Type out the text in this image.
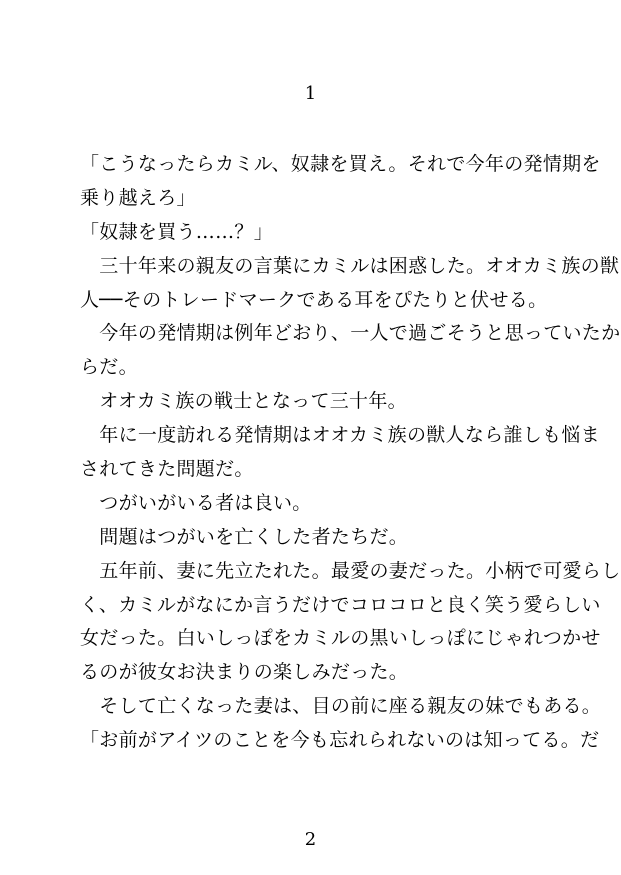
1
「こうなったらカミル、奴隷を買え。それで今年の発情期を
乗り越えろ」
「奴隷を買う……？」
　三十年来の親友の言葉にカミルは困惑した。オオカミ族の獣
人──そのトレードマークである耳をぴたりと伏せる。
　今年の発情期は例年どおり、一人で過ごそうと思っていたか
らだ。
　オオカミ族の戦士となって三十年。
　年に一度訪れる発情期はオオカミ族の獣人なら誰しも悩ま
されてきた問題だ。
　つがいがいる者は良い。
　問題はつがいを亡くした者たちだ。
　五年前、妻に先立たれた。最愛の妻だった。小柄で可愛らし
く、カミルがなにか言うだけでコロコロと良く笑う愛らしい
女だった。白いしっぽをカミルの黒いしっぽにじゃれつかせ
るのが彼女お決まりの楽しみだった。
　そして亡くなった妻は、目の前に座る親友の妹でもある。
「お前がアイツのことを今も忘れられないのは知ってる。だ
2
